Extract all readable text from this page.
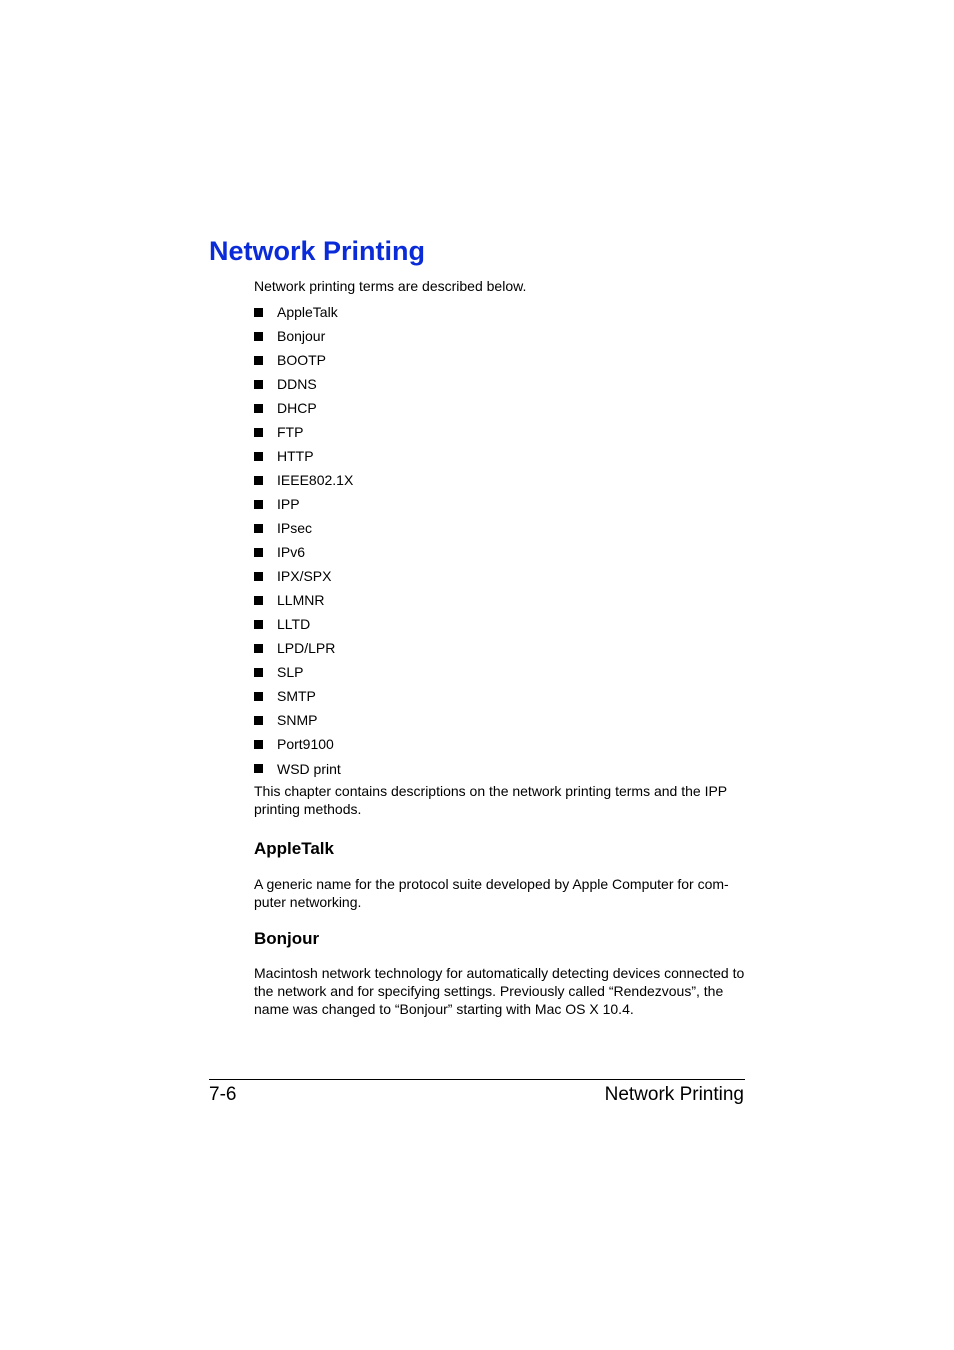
Network Printing

Network printing terms are described below.

AppleTalk
Bonjour
BOOTP
DDNS
DHCP
FTP
HTTP
IEEE802.1X
IPP
IPsec
IPv6
IPX/SPX
LLMNR
LLTD
LPD/LPR
SLP
SMTP
SNMP
Port9100
WSD print

This chapter contains descriptions on the network printing terms and the IPP printing methods.

AppleTalk

A generic name for the protocol suite developed by Apple Computer for com-puter networking.

Bonjour

Macintosh network technology for automatically detecting devices connected to the network and for specifying settings. Previously called “Rendezvous”, the name was changed to “Bonjour” starting with Mac OS X 10.4.

7-6	Network Printing
